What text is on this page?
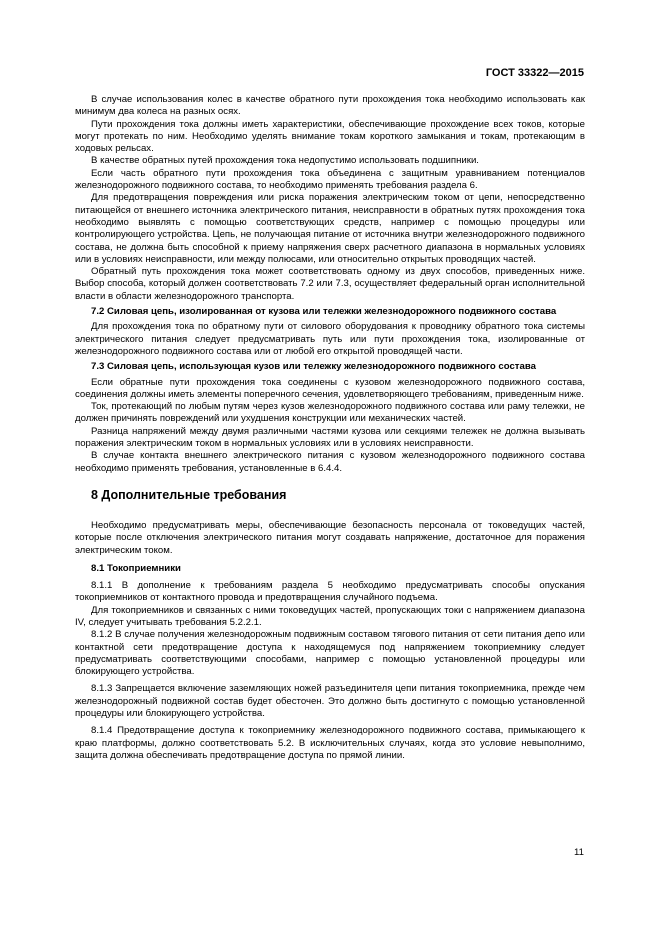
ГОСТ 33322—2015

В случае использования колес в качестве обратного пути прохождения тока необходимо использовать как минимум два колеса на разных осях.

Пути прохождения тока должны иметь характеристики, обеспечивающие прохождение всех токов, которые могут протекать по ним. Необходимо уделять внимание токам короткого замыкания и токам, протекающим в ходовых рельсах.

В качестве обратных путей прохождения тока недопустимо использовать подшипники.

Если часть обратного пути прохождения тока объединена с защитным уравниванием потенциалов железнодорожного подвижного состава, то необходимо применять требования раздела 6.

Для предотвращения повреждения или риска поражения электрическим током от цепи, непосредственно питающейся от внешнего источника электрического питания, неисправности в обратных путях прохождения тока необходимо выявлять с помощью соответствующих средств, например с помощью процедуры или контролирующего устройства. Цепь, не получающая питание от источника внутри железнодорожного подвижного состава, не должна быть способной к приему напряжения сверх расчетного диапазона в нормальных условиях или в условиях неисправности, или между полюсами, или относительно открытых проводящих частей.

Обратный путь прохождения тока может соответствовать одному из двух способов, приведенных ниже. Выбор способа, который должен соответствовать 7.2 или 7.3, осуществляет федеральный орган исполнительной власти в области железнодорожного транспорта.

7.2 Силовая цепь, изолированная от кузова или тележки железнодорожного подвижного состава

Для прохождения тока по обратному пути от силового оборудования к проводнику обратного тока системы электрического питания следует предусматривать путь или пути прохождения тока, изолированные от железнодорожного подвижного состава или от любой его открытой проводящей части.

7.3 Силовая цепь, использующая кузов или тележку железнодорожного подвижного состава

Если обратные пути прохождения тока соединены с кузовом железнодорожного подвижного состава, соединения должны иметь элементы поперечного сечения, удовлетворяющего требованиям, приведенным ниже.

Ток, протекающий по любым путям через кузов железнодорожного подвижного состава или раму тележки, не должен причинять повреждений или ухудшения конструкции или механических частей.

Разница напряжений между двумя различными частями кузова или секциями тележек не должна вызывать поражения электрическим током в нормальных условиях или в условиях неисправности.

В случае контакта внешнего электрического питания с кузовом железнодорожного подвижного состава необходимо применять требования, установленные в 6.4.4.

8 Дополнительные требования

Необходимо предусматривать меры, обеспечивающие безопасность персонала от токоведущих частей, которые после отключения электрического питания могут создавать напряжение, достаточное для поражения электрическим током.

8.1 Токоприемники

8.1.1 В дополнение к требованиям раздела 5 необходимо предусматривать способы опускания токоприемников от контактного провода и предотвращения случайного подъема.

Для токоприемников и связанных с ними токоведущих частей, пропускающих токи с напряжением диапазона IV, следует учитывать требования 5.2.2.1.

8.1.2 В случае получения железнодорожным подвижным составом тягового питания от сети питания депо или контактной сети предотвращение доступа к находящемуся под напряжением токоприемнику следует предусматривать соответствующими способами, например с помощью установленной процедуры или блокирующего устройства.

8.1.3 Запрещается включение заземляющих ножей разъединителя цепи питания токоприемника, прежде чем железнодорожный подвижной состав будет обесточен. Это должно быть достигнуто с помощью установленной процедуры или блокирующего устройства.

8.1.4 Предотвращение доступа к токоприемнику железнодорожного подвижного состава, примыкающего к краю платформы, должно соответствовать 5.2. В исключительных случаях, когда это условие невыполнимо, защита должна обеспечивать предотвращение доступа по прямой линии.

11
